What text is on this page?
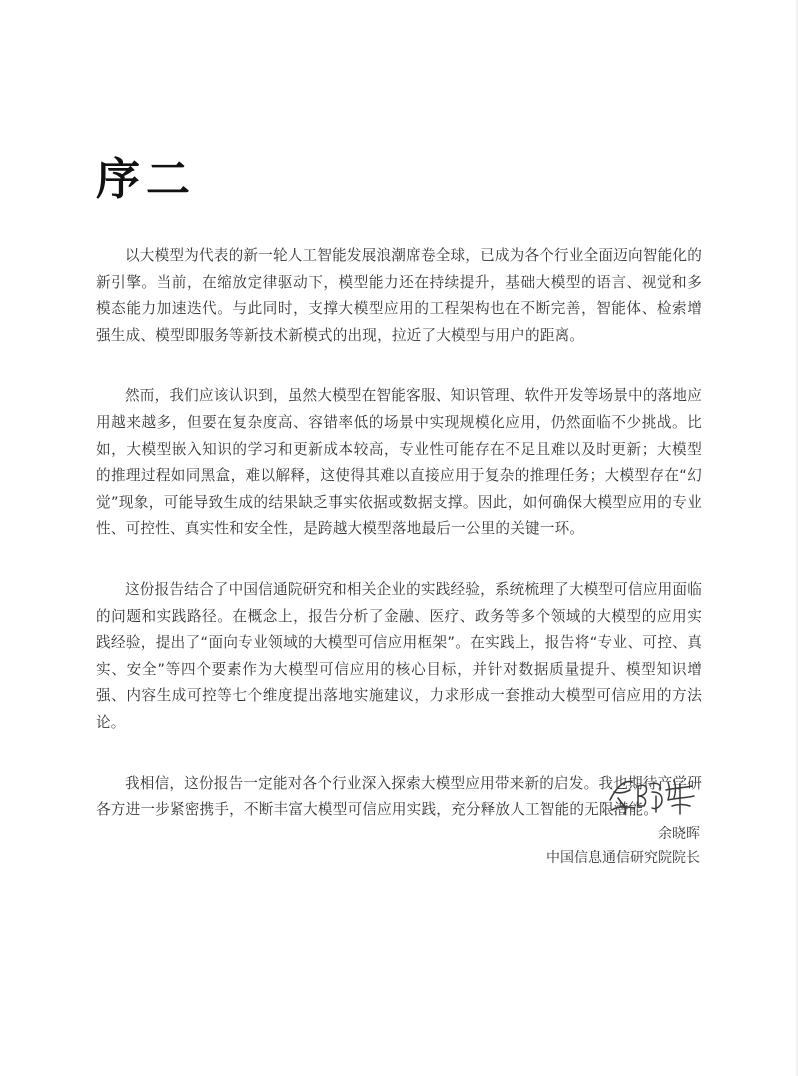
序二

以大模型为代表的新一轮人工智能发展浪潮席卷全球，已成为各个行业全面迈向智能化的新引擎。当前，在缩放定律驱动下，模型能力还在持续提升，基础大模型的语言、视觉和多模态能力加速迭代。与此同时，支撑大模型应用的工程架构也在不断完善，智能体、检索增强生成、模型即服务等新技术新模式的出现，拉近了大模型与用户的距离。

然而，我们应该认识到，虽然大模型在智能客服、知识管理、软件开发等场景中的落地应用越来越多，但要在复杂度高、容错率低的场景中实现规模化应用，仍然面临不少挑战。比如，大模型嵌入知识的学习和更新成本较高，专业性可能存在不足且难以及时更新；大模型的推理过程如同黑盒，难以解释，这使得其难以直接应用于复杂的推理任务；大模型存在“幻觉”现象，可能导致生成的结果缺乏事实依据或数据支撑。因此，如何确保大模型应用的专业性、可控性、真实性和安全性，是跨越大模型落地最后一公里的关键一环。

这份报告结合了中国信通院研究和相关企业的实践经验，系统梳理了大模型可信应用面临的问题和实践路径。在概念上，报告分析了金融、医疗、政务等多个领域的大模型的应用实践经验，提出了“面向专业领域的大模型可信应用框架”。在实践上，报告将“专业、可控、真实、安全”等四个要素作为大模型可信应用的核心目标，并针对数据质量提升、模型知识增强、内容生成可控等七个维度提出落地实施建议，力求形成一套推动大模型可信应用的方法论。

我相信，这份报告一定能对各个行业深入探索大模型应用带来新的启发。我也期待产学研各方进一步紧密携手，不断丰富大模型可信应用实践，充分释放人工智能的无限潜能。

余晓晖
中国信息通信研究院院长
